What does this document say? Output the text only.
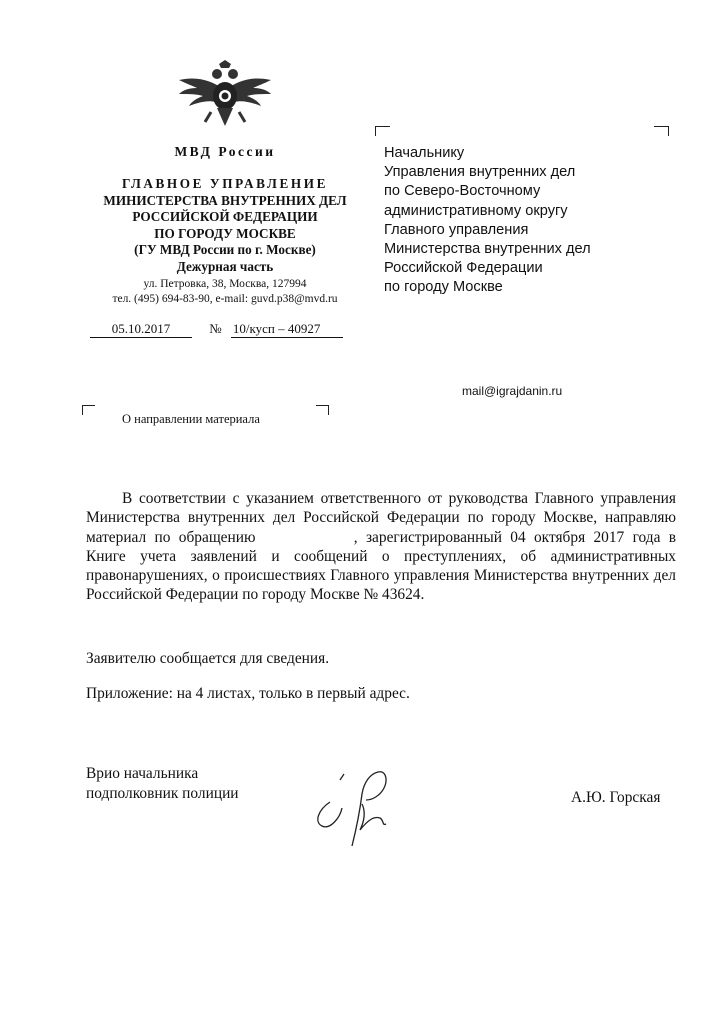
МВД России
ГЛАВНОЕ УПРАВЛЕНИЕ
МИНИСТЕРСТВА ВНУТРЕННИХ ДЕЛ
РОССИЙСКОЙ ФЕДЕРАЦИИ
ПО ГОРОДУ МОСКВЕ
(ГУ МВД России по г. Москве)
Дежурная часть
ул. Петровка, 38, Москва, 127994
тел. (495) 694-83-90, e-mail: guvd.p38@mvd.ru
05.10.2017	№ 10/кусп – 40927
Начальнику
Управления внутренних дел
по Северо-Восточному
административному округу
Главного управления
Министерства внутренних дел
Российской Федерации
по городу Москве
mail@igrajdanin.ru
О направлении материала

В соответствии с указанием ответственного от руководства Главного управления Министерства внутренних дел Российской Федерации по городу Москве, направляю материал по обращению	, зарегистрированный 04 октября 2017 года в Книге учета заявлений и сообщений о преступлениях, об административных правонарушениях, о происшествиях Главного управления Министерства внутренних дел Российской Федерации по городу Москве № 43624.

Заявителю сообщается для сведения.
Приложение: на 4 листах, только в первый адрес.
Врио начальника
подполковник полиции	А.Ю. Горская
